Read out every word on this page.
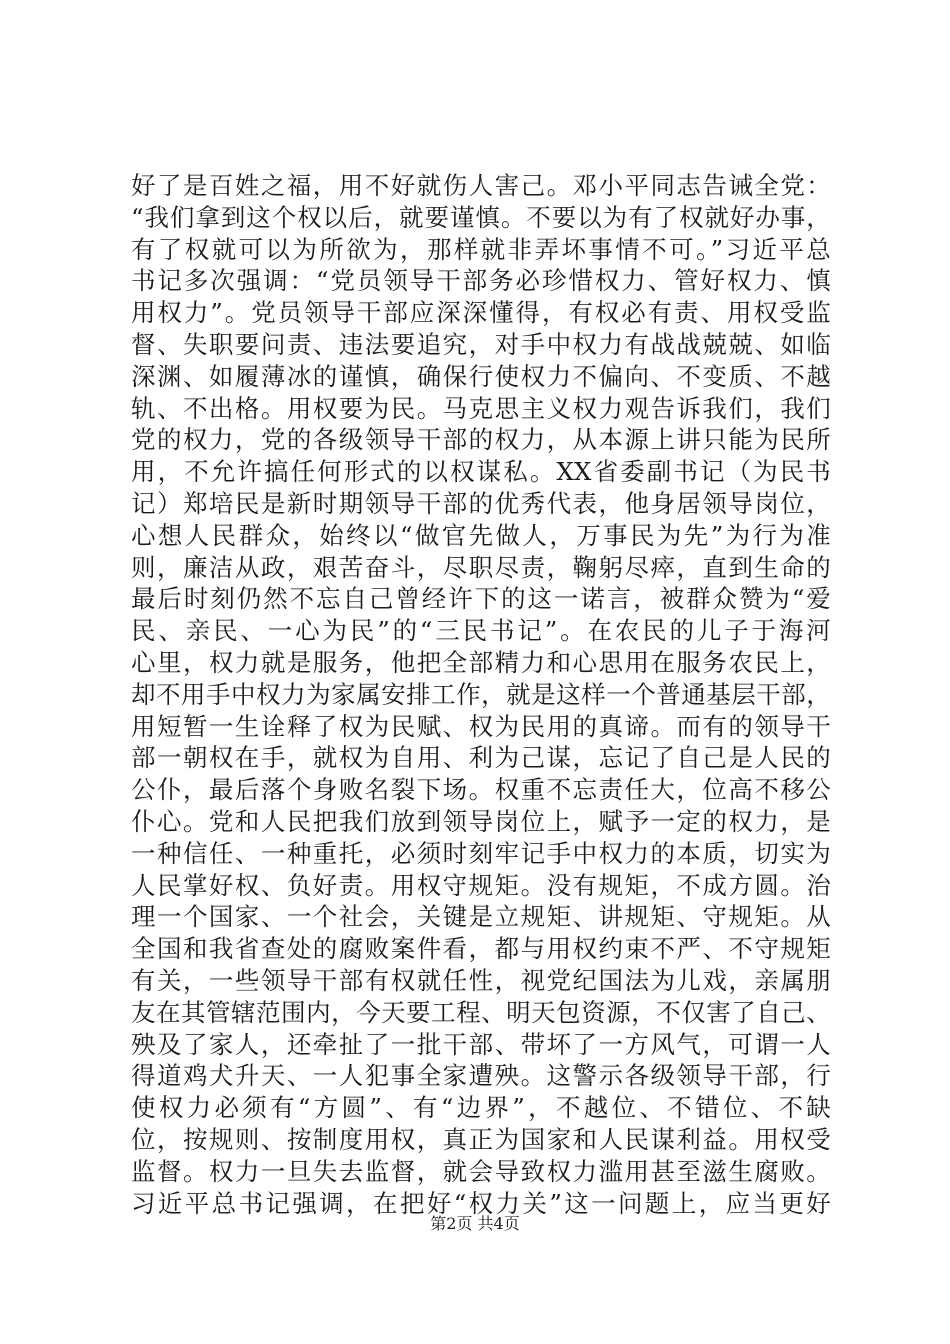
好了是百姓之福，用不好就伤人害己。邓小平同志告诫全党：
“我们拿到这个权以后，就要谨慎。不要以为有了权就好办事，
有了权就可以为所欲为，那样就非弄坏事情不可。”习近平总
书记多次强调：“党员领导干部务必珍惜权力、管好权力、慎
用权力”。党员领导干部应深深懂得，有权必有责、用权受监
督、失职要问责、违法要追究，对手中权力有战战兢兢、如临
深渊、如履薄冰的谨慎，确保行使权力不偏向、不变质、不越
轨、不出格。用权要为民。马克思主义权力观告诉我们，我们
党的权力，党的各级领导干部的权力，从本源上讲只能为民所
用，不允许搞任何形式的以权谋私。XX省委副书记（为民书
记）郑培民是新时期领导干部的优秀代表，他身居领导岗位，
心想人民群众，始终以“做官先做人，万事民为先”为行为准
则，廉洁从政，艰苦奋斗，尽职尽责，鞠躬尽瘁，直到生命的
最后时刻仍然不忘自己曾经许下的这一诺言，被群众赞为“爱
民、亲民、一心为民”的“三民书记”。在农民的儿子于海河
心里，权力就是服务，他把全部精力和心思用在服务农民上，
却不用手中权力为家属安排工作，就是这样一个普通基层干部，
用短暂一生诠释了权为民赋、权为民用的真谛。而有的领导干
部一朝权在手，就权为自用、利为己谋，忘记了自己是人民的
公仆，最后落个身败名裂下场。权重不忘责任大，位高不移公
仆心。党和人民把我们放到领导岗位上，赋予一定的权力，是
一种信任、一种重托，必须时刻牢记手中权力的本质，切实为
人民掌好权、负好责。用权守规矩。没有规矩，不成方圆。治
理一个国家、一个社会，关键是立规矩、讲规矩、守规矩。从
全国和我省查处的腐败案件看，都与用权约束不严、不守规矩
有关，一些领导干部有权就任性，视党纪国法为儿戏，亲属朋
友在其管辖范围内，今天要工程、明天包资源，不仅害了自己、
殃及了家人，还牵扯了一批干部、带坏了一方风气，可谓一人
得道鸡犬升天、一人犯事全家遭殃。这警示各级领导干部，行
使权力必须有“方圆”、有“边界”，不越位、不错位、不缺
位，按规则、按制度用权，真正为国家和人民谋利益。用权受
监督。权力一旦失去监督，就会导致权力滥用甚至滋生腐败。
习近平总书记强调，在把好“权力关”这一问题上，应当更好
第2页 共4页
